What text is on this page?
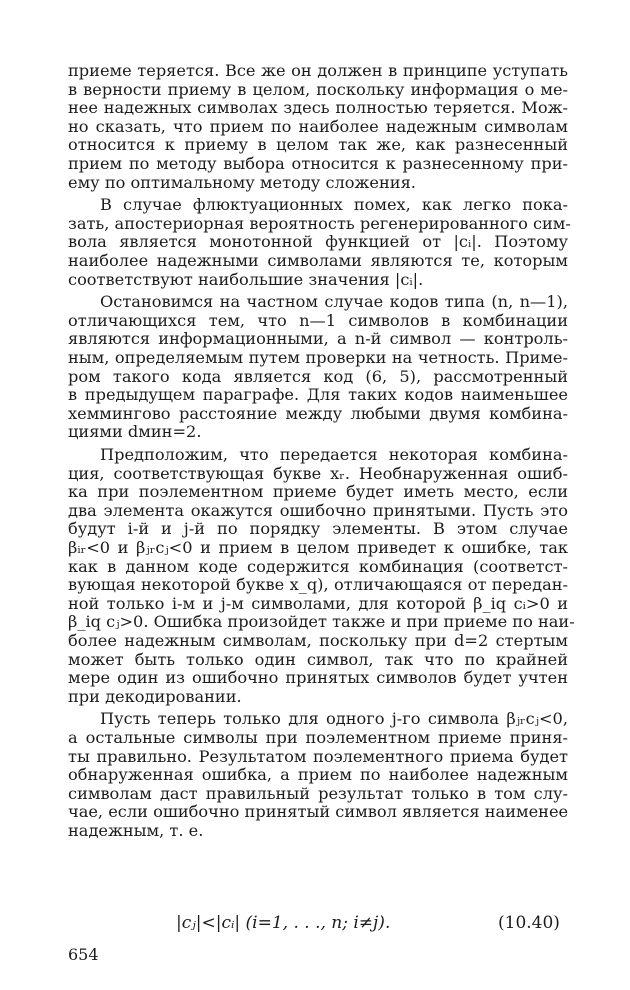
приеме теряется. Все же он должен в принципе уступать
в верности приему в целом, поскольку информация о ме-
нее надежных символах здесь полностью теряется. Мож-
но сказать, что прием по наиболее надежным символам
относится к приему в целом так же, как разнесенный
прием по методу выбора относится к разнесенному при-
ему по оптимальному методу сложения.
В случае флюктуационных помех, как легко пока-
зать, апостериорная вероятность регенерированного сим-
вола является монотонной функцией от |cᵢ|. Поэтому
наиболее надежными символами являются те, которым
соответствуют наибольшие значения |cᵢ|.
Остановимся на частном случае кодов типа (n, n—1),
отличающихся тем, что n—1 символов в комбинации
являются информационными, а n-й символ — контроль-
ным, определяемым путем проверки на четность. Приме-
ром такого кода является код (6, 5), рассмотренный
в предыдущем параграфе. Для таких кодов наименьшее
хеммингово расстояние между любыми двумя комбина-
циями dмин=2.
Предположим, что передается некоторая комбина-
ция, соответствующая букве xᵣ. Необнаруженная ошиб-
ка при поэлементном приеме будет иметь место, если
два элемента окажутся ошибочно принятыми. Пусть это
будут i-й и j-й по порядку элементы. В этом случае
βᵢᵣ<0 и βⱼᵣcⱼ<0 и прием в целом приведет к ошибке, так
как в данном коде содержится комбинация (соответст-
вующая некоторой букве x_q), отличающаяся от передан-
ной только i-м и j-м символами, для которой β_iq cᵢ>0 и
β_iq cⱼ>0. Ошибка произойдет также и при приеме по наи-
более надежным символам, поскольку при d=2 стертым
может быть только один символ, так что по крайней
мере один из ошибочно принятых символов будет учтен
при декодировании.
Пусть теперь только для одного j-го символа βⱼᵣcⱼ<0,
а остальные символы при поэлементном приеме приня-
ты правильно. Результатом поэлементного приема будет
обнаруженная ошибка, а прием по наиболее надежным
символам даст правильный результат только в том слу-
чае, если ошибочно принятый символ является наименее
надежным, т. е.
|cⱼ|<|cᵢ| (i=1, . . ., n; i≠j).	(10.40)
654
